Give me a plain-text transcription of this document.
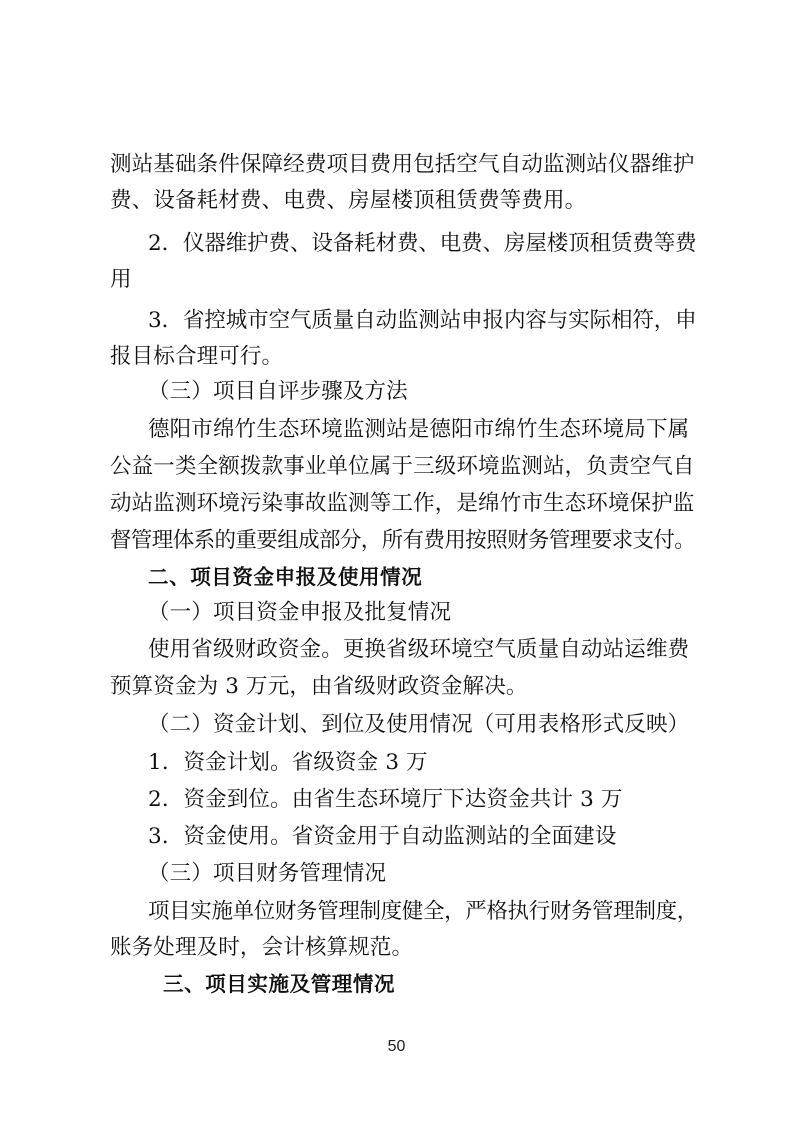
测站基础条件保障经费项目费用包括空气自动监测站仪器维护
费、设备耗材费、电费、房屋楼顶租赁费等费用。
2．仪器维护费、设备耗材费、电费、房屋楼顶租赁费等费
用
3．省控城市空气质量自动监测站申报内容与实际相符，申
报目标合理可行。
（三）项目自评步骤及方法
德阳市绵竹生态环境监测站是德阳市绵竹生态环境局下属
公益一类全额拨款事业单位属于三级环境监测站，负责空气自
动站监测环境污染事故监测等工作，是绵竹市生态环境保护监
督管理体系的重要组成部分，所有费用按照财务管理要求支付。
二、项目资金申报及使用情况
（一）项目资金申报及批复情况
使用省级财政资金。更换省级环境空气质量自动站运维费
预算资金为 3 万元，由省级财政资金解决。
（二）资金计划、到位及使用情况（可用表格形式反映）
1．资金计划。省级资金 3 万
2．资金到位。由省生态环境厅下达资金共计 3 万
3．资金使用。省资金用于自动监测站的全面建设
（三）项目财务管理情况
项目实施单位财务管理制度健全，严格执行财务管理制度，
账务处理及时，会计核算规范。
三、项目实施及管理情况
50
